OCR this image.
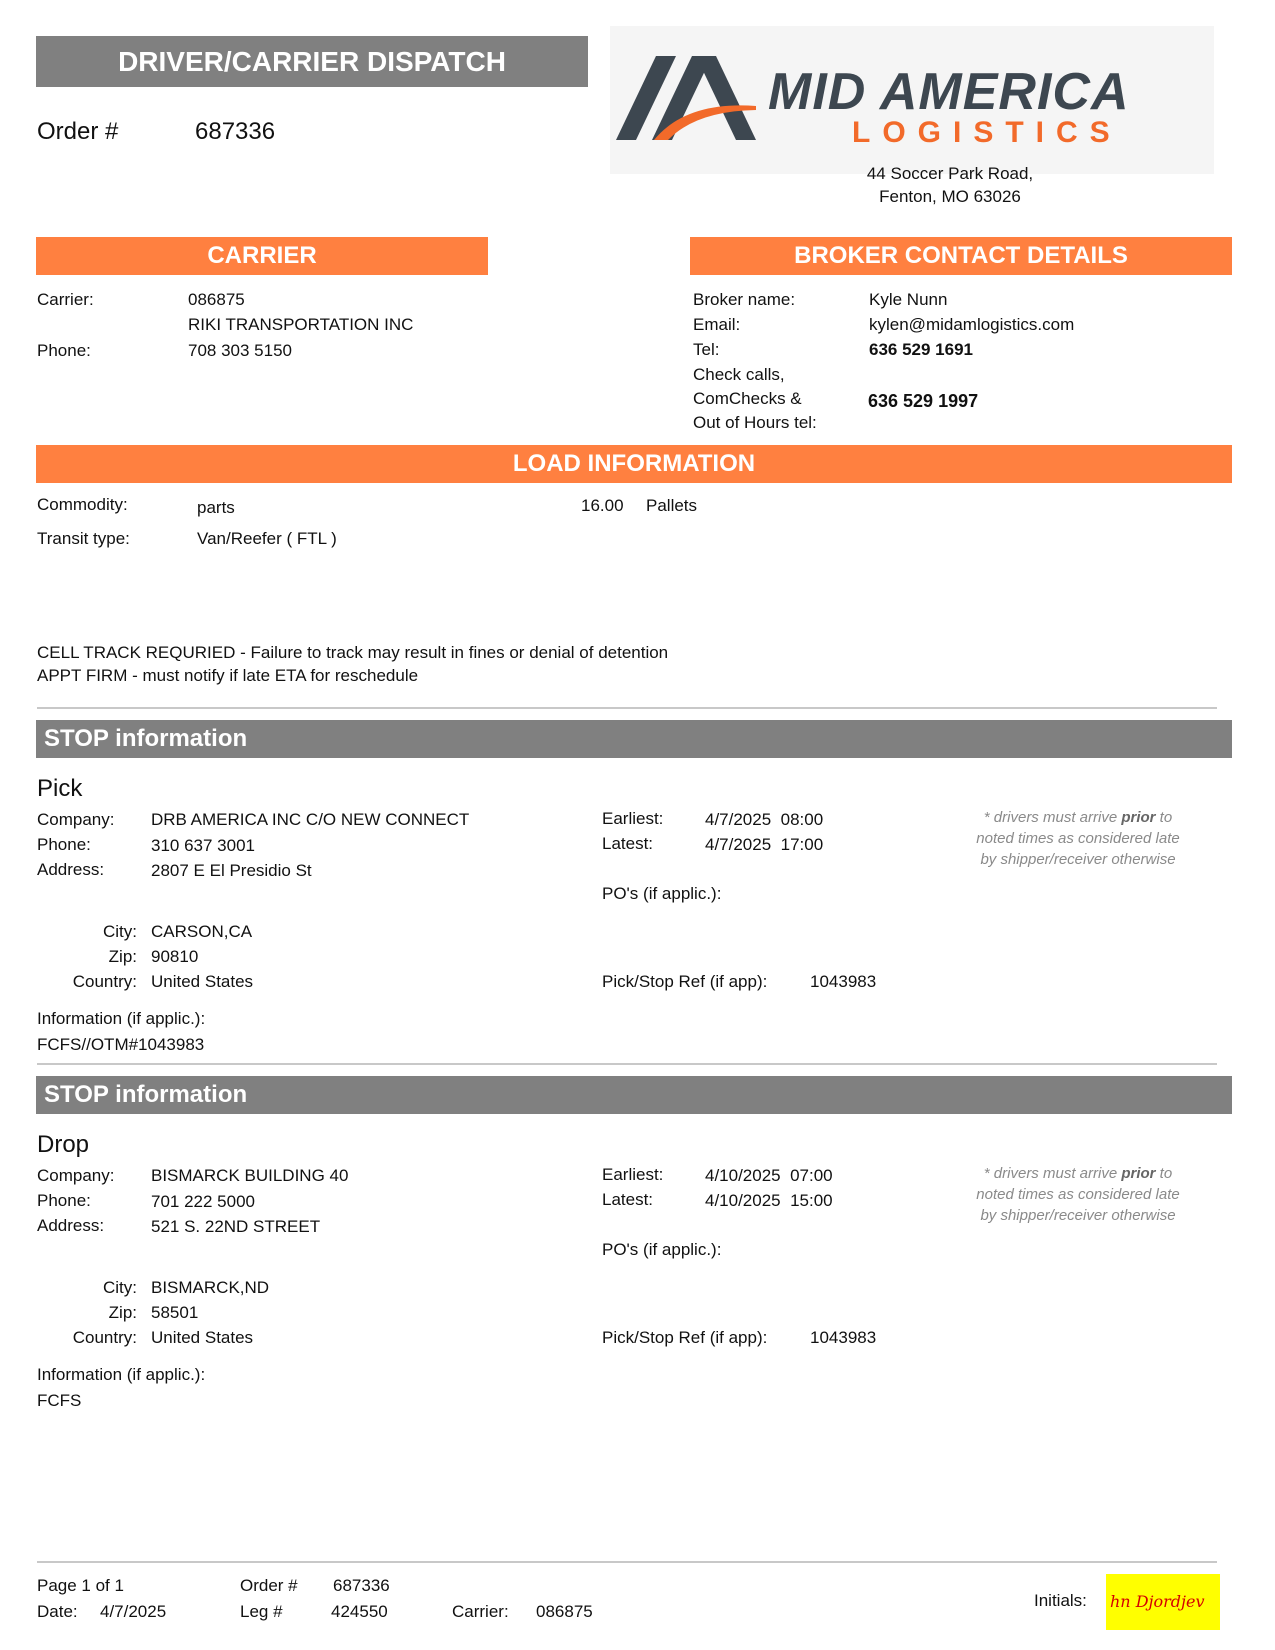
DRIVER/CARRIER DISPATCH
Order #	687336
MID AMERICA
LOGISTICS
44 Soccer Park Road,
Fenton, MO 63026
CARRIER	BROKER CONTACT DETAILS
Carrier:	086875
RIKI TRANSPORTATION INC
Phone:	708 303 5150
Broker name:	Kyle Nunn
Email:	kylen@midamlogistics.com
Tel:	636 529 1691
Check calls,
ComChecks &
Out of Hours tel:
636 529 1997
LOAD INFORMATION
Commodity:	parts	16.00 Pallets
Transit type:	Van/Reefer ( FTL )
CELL TRACK REQURIED - Failure to track may result in fines or denial of detention
APPT FIRM - must notify if late ETA for reschedule
STOP information
Pick
Company: DRB AMERICA INC C/O NEW CONNECT
Phone:	310 637 3001
Address:	2807 E El Presidio St
City: CARSON,CA
Zip: 90810
Country: United States
Earliest: 4/7/2025  08:00
Latest:	4/7/2025  17:00
PO's (if applic.):
Pick/Stop Ref (if app):	1043983
* drivers must arrive prior to
noted times as considered late
by shipper/receiver otherwise
Information (if applic.):
FCFS//OTM#1043983
STOP information
Drop
Company: BISMARCK BUILDING 40
Phone:	701 222 5000
Address:	521 S. 22ND STREET
City: BISMARCK,ND
Zip: 58501
Country: United States
Earliest: 4/10/2025  07:00
Latest:	4/10/2025  15:00
PO's (if applic.):
Pick/Stop Ref (if app):	1043983
* drivers must arrive prior to
noted times as considered late
by shipper/receiver otherwise
Information (if applic.):
FCFS
Page 1 of 1
Date: 4/7/2025
Order # 687336
Leg #	424550	Carrier: 086875
Initials: hn Djordjev
